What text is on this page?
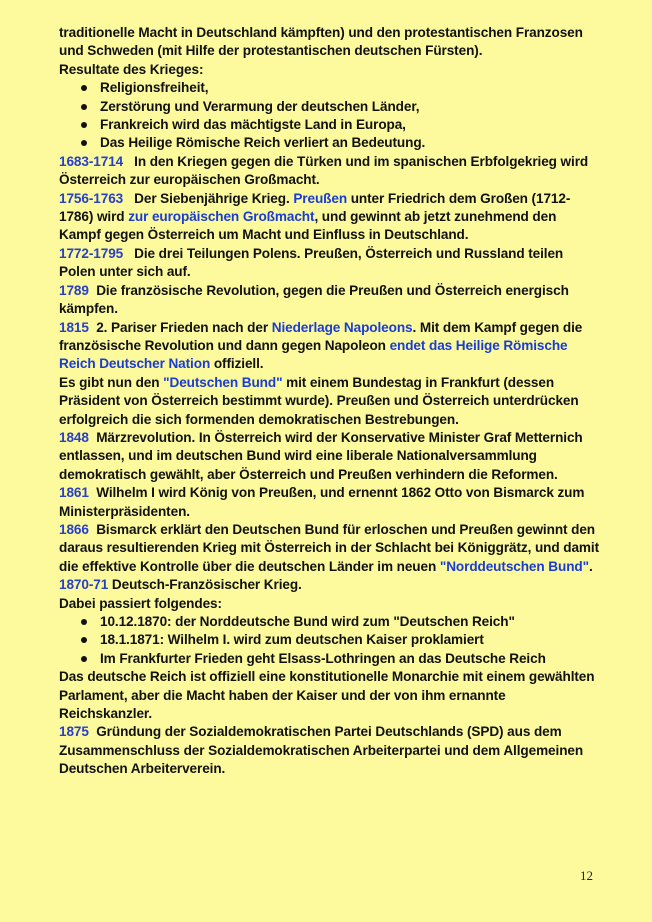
traditionelle Macht in Deutschland kämpften) und den protestantischen Franzosen
und Schweden (mit Hilfe der protestantischen deutschen Fürsten).

Resultate des Krieges:

Religionsfreiheit,
Zerstörung und Verarmung der deutschen Länder,
Frankreich wird das mächtigste Land in Europa,
Das Heilige Römische Reich verliert an Bedeutung.

1683-1714 In den Kriegen gegen die Türken und im spanischen Erbfolgekrieg wird Österreich zur europäischen Großmacht.

1756-1763 Der Siebenjährige Krieg. Preußen unter Friedrich dem Großen (1712-1786) wird zur europäischen Großmacht, und gewinnt ab jetzt zunehmend den Kampf gegen Österreich um Macht und Einfluss in Deutschland.

1772-1795 Die drei Teilungen Polens. Preußen, Österreich und Russland teilen Polen unter sich auf.

1789 Die französische Revolution, gegen die Preußen und Österreich energisch kämpfen.

1815 2. Pariser Frieden nach der Niederlage Napoleons. Mit dem Kampf gegen die französische Revolution und dann gegen Napoleon endet das Heilige Römische Reich Deutscher Nation offiziell.

Es gibt nun den "Deutschen Bund" mit einem Bundestag in Frankfurt (dessen Präsident von Österreich bestimmt wurde). Preußen und Österreich unterdrücken erfolgreich die sich formenden demokratischen Bestrebungen.

1848 Märzrevolution. In Österreich wird der Konservative Minister Graf Metternich entlassen, und im deutschen Bund wird eine liberale Nationalversammlung demokratisch gewählt, aber Österreich und Preußen verhindern die Reformen.

1861 Wilhelm I wird König von Preußen, und ernennt 1862 Otto von Bismarck zum Ministerpräsidenten.

1866 Bismarck erklärt den Deutschen Bund für erloschen und Preußen gewinnt den daraus resultierenden Krieg mit Österreich in der Schlacht bei Königgrätz, und damit die effektive Kontrolle über die deutschen Länder im neuen "Norddeutschen Bund".

1870-71 Deutsch-Französischer Krieg.

Dabei passiert folgendes:

10.12.1870: der Norddeutsche Bund wird zum "Deutschen Reich"
18.1.1871: Wilhelm I. wird zum deutschen Kaiser proklamiert
Im Frankfurter Frieden geht Elsass-Lothringen an das Deutsche Reich

Das deutsche Reich ist offiziell eine konstitutionelle Monarchie mit einem gewählten Parlament, aber die Macht haben der Kaiser und der von ihm ernannte Reichskanzler.

1875 Gründung der Sozialdemokratischen Partei Deutschlands (SPD) aus dem Zusammenschluss der Sozialdemokratischen Arbeiterpartei und dem Allgemeinen Deutschen Arbeiterverein.

12
